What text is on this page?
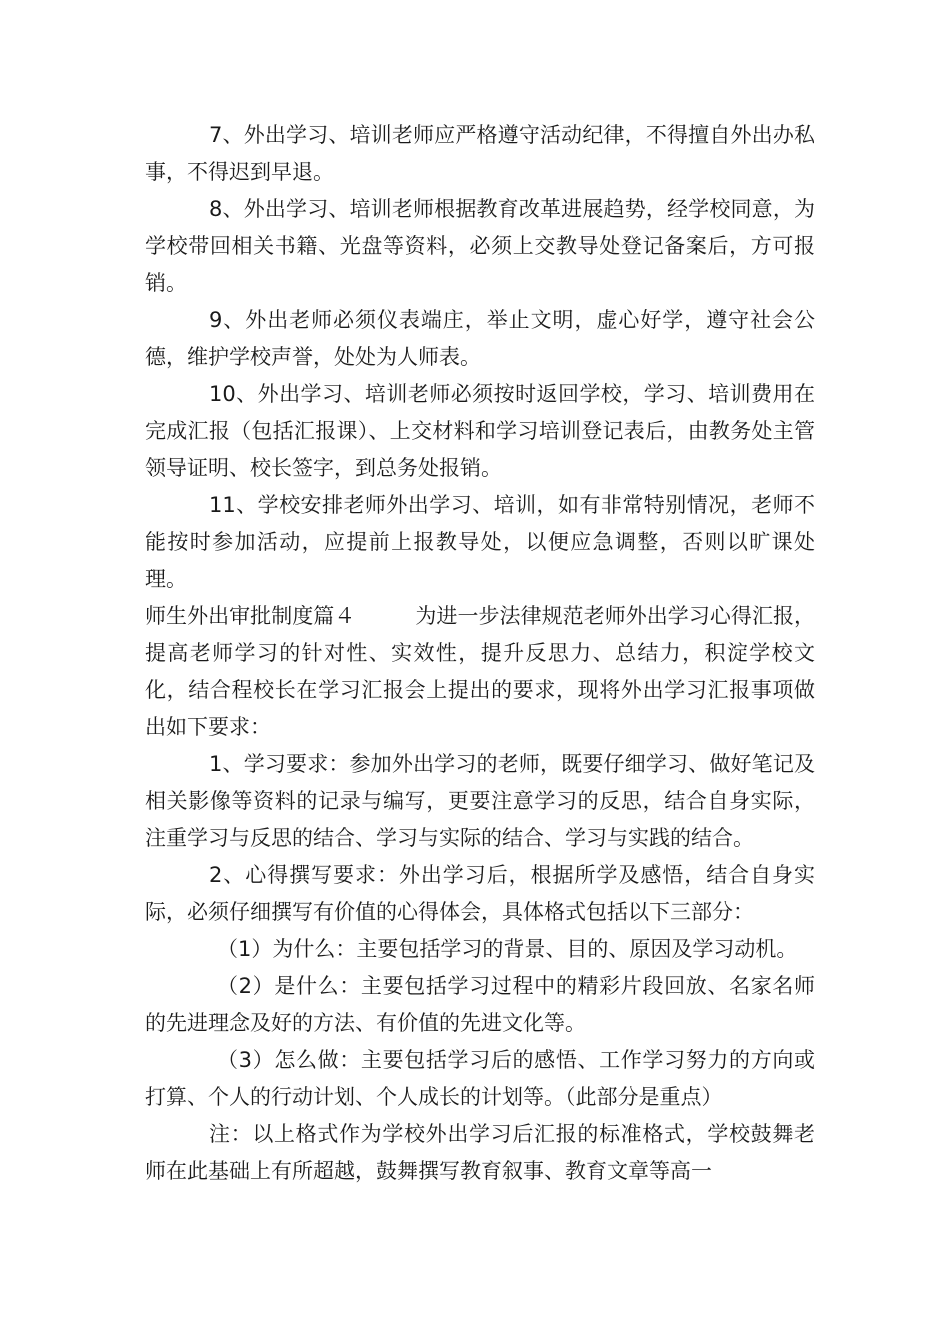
7、外出学习、培训老师应严格遵守活动纪律，不得擅自外出办私事，不得迟到早退。

8、外出学习、培训老师根据教育改革进展趋势，经学校同意，为学校带回相关书籍、光盘等资料，必须上交教导处登记备案后，方可报销。

9、外出老师必须仪表端庄，举止文明，虚心好学，遵守社会公德，维护学校声誉，处处为人师表。

10、外出学习、培训老师必须按时返回学校，学习、培训费用在完成汇报（包括汇报课）、上交材料和学习培训登记表后，由教务处主管领导证明、校长签字，到总务处报销。

11、学校安排老师外出学习、培训，如有非常特别情况，老师不能按时参加活动，应提前上报教导处，以便应急调整，否则以旷课处理。

师生外出审批制度篇４	为进一步法律规范老师外出学习心得汇报，提高老师学习的针对性、实效性，提升反思力、总结力，积淀学校文化，结合程校长在学习汇报会上提出的要求，现将外出学习汇报事项做出如下要求：

1、学习要求：参加外出学习的老师，既要仔细学习、做好笔记及相关影像等资料的记录与编写，更要注意学习的反思，结合自身实际，注重学习与反思的结合、学习与实际的结合、学习与实践的结合。

2、心得撰写要求：外出学习后，根据所学及感悟，结合自身实际，必须仔细撰写有价值的心得体会，具体格式包括以下三部分：

（1）为什么：主要包括学习的背景、目的、原因及学习动机。

（2）是什么：主要包括学习过程中的精彩片段回放、名家名师的先进理念及好的方法、有价值的先进文化等。

（3）怎么做：主要包括学习后的感悟、工作学习努力的方向或打算、个人的行动计划、个人成长的计划等。（此部分是重点）

注：以上格式作为学校外出学习后汇报的标准格式，学校鼓舞老师在此基础上有所超越，鼓舞撰写教育叙事、教育文章等高一
